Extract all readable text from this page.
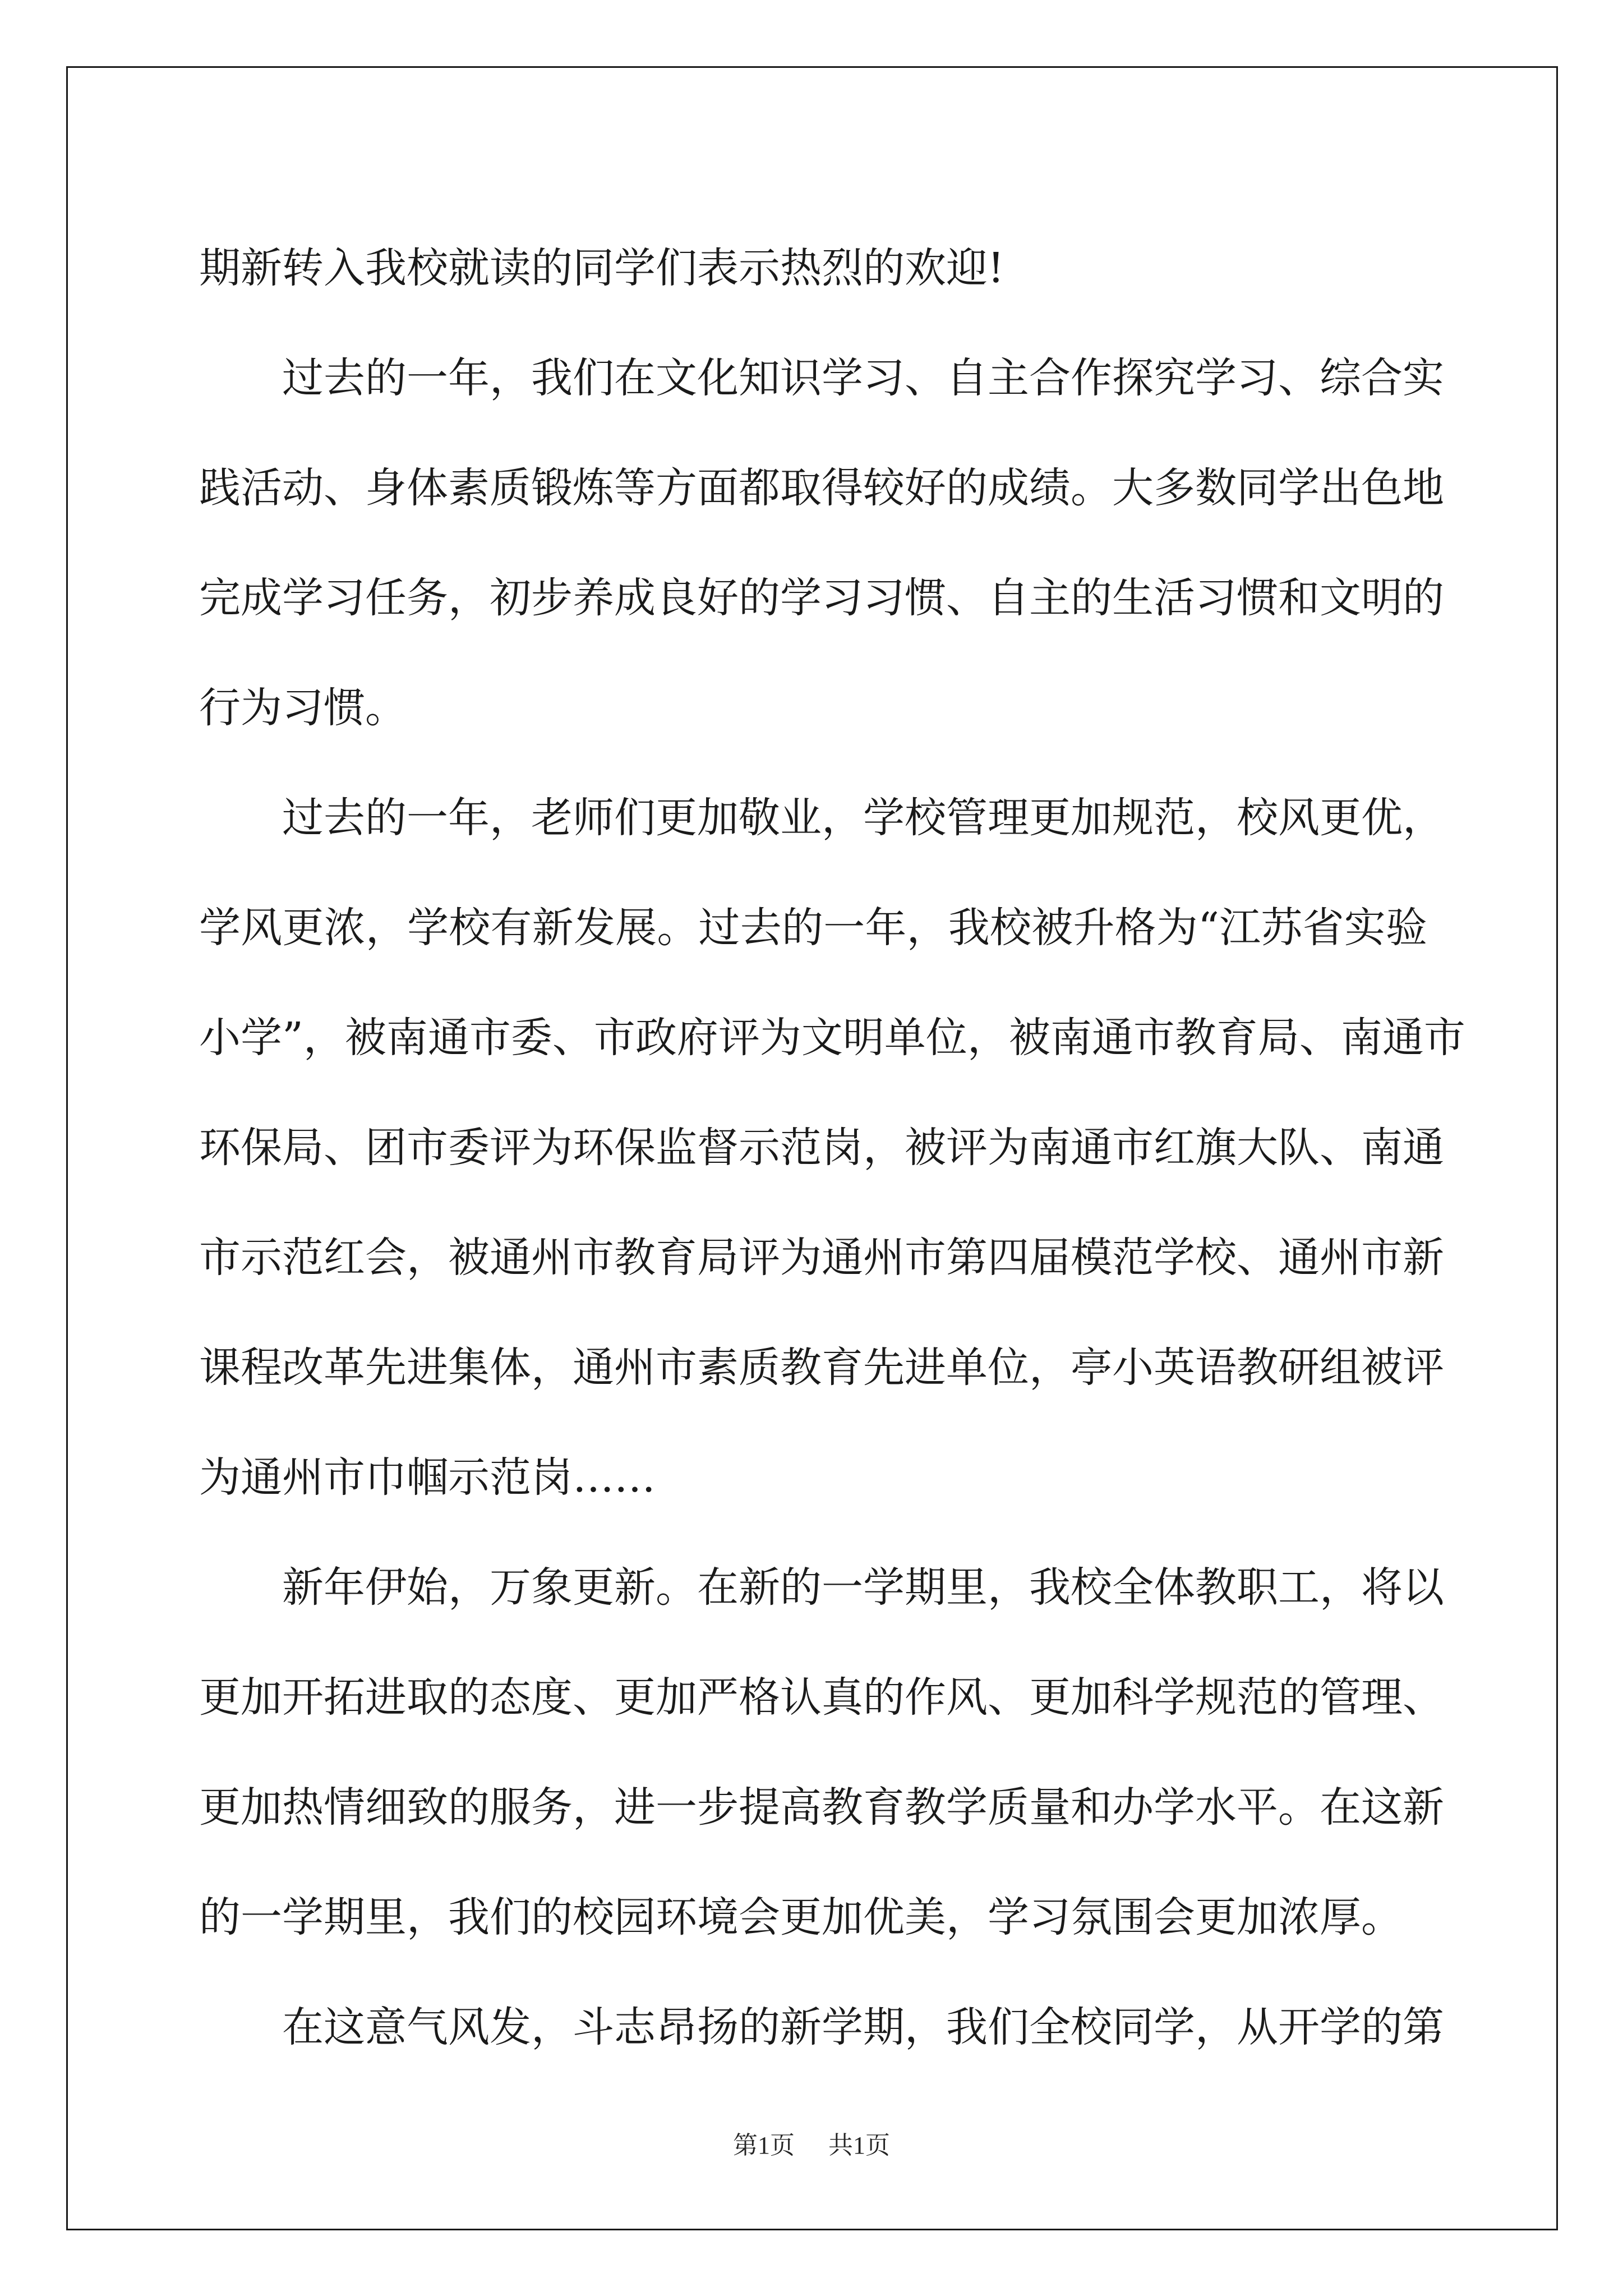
期新转入我校就读的同学们表示热烈的欢迎!
过去的一年，我们在文化知识学习、自主合作探究学习、综合实
践活动、身体素质锻炼等方面都取得较好的成绩。大多数同学出色地
完成学习任务，初步养成良好的学习习惯、自主的生活习惯和文明的
行为习惯。
过去的一年，老师们更加敬业，学校管理更加规范，校风更优，
学风更浓，学校有新发展。过去的一年，我校被升格为“江苏省实验
小学”，被南通市委、市政府评为文明单位，被南通市教育局、南通市
环保局、团市委评为环保监督示范岗，被评为南通市红旗大队、南通
市示范红会，被通州市教育局评为通州市第四届模范学校、通州市新
课程改革先进集体，通州市素质教育先进单位，亭小英语教研组被评
为通州市巾帼示范岗……
新年伊始，万象更新。在新的一学期里，我校全体教职工，将以
更加开拓进取的态度、更加严格认真的作风、更加科学规范的管理、
更加热情细致的服务，进一步提高教育教学质量和办学水平。在这新
的一学期里，我们的校园环境会更加优美，学习氛围会更加浓厚。
在这意气风发，斗志昂扬的新学期，我们全校同学，从开学的第
第1页 共1页
